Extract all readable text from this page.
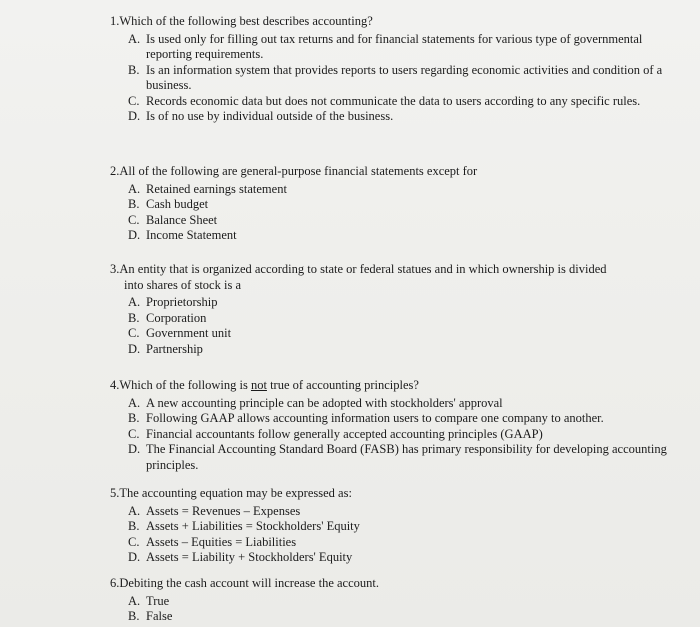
1.Which of the following best describes accounting?
A. Is used only for filling out tax returns and for financial statements for various type of governmental reporting requirements.
B. Is an information system that provides reports to users regarding economic activities and condition of a business.
C. Records economic data but does not communicate the data to users according to any specific rules.
D. Is of no use by individual outside of the business.
2.All of the following are general-purpose financial statements except for
A. Retained earnings statement
B. Cash budget
C. Balance Sheet
D. Income Statement
3.An entity that is organized according to state or federal statues and in which ownership is divided
into shares of stock is a
A. Proprietorship
B. Corporation
C. Government unit
D. Partnership
4.Which of the following is not true of accounting principles?
A. A new accounting principle can be adopted with stockholders' approval
B. Following GAAP allows accounting information users to compare one company to another.
C. Financial accountants follow generally accepted accounting principles (GAAP)
D. The Financial Accounting Standard Board (FASB) has primary responsibility for developing accounting principles.
5.The accounting equation may be expressed as:
A. Assets = Revenues – Expenses
B. Assets + Liabilities = Stockholders' Equity
C. Assets – Equities = Liabilities
D. Assets = Liability + Stockholders' Equity
6.Debiting the cash account will increase the account.
A. True
B. False
